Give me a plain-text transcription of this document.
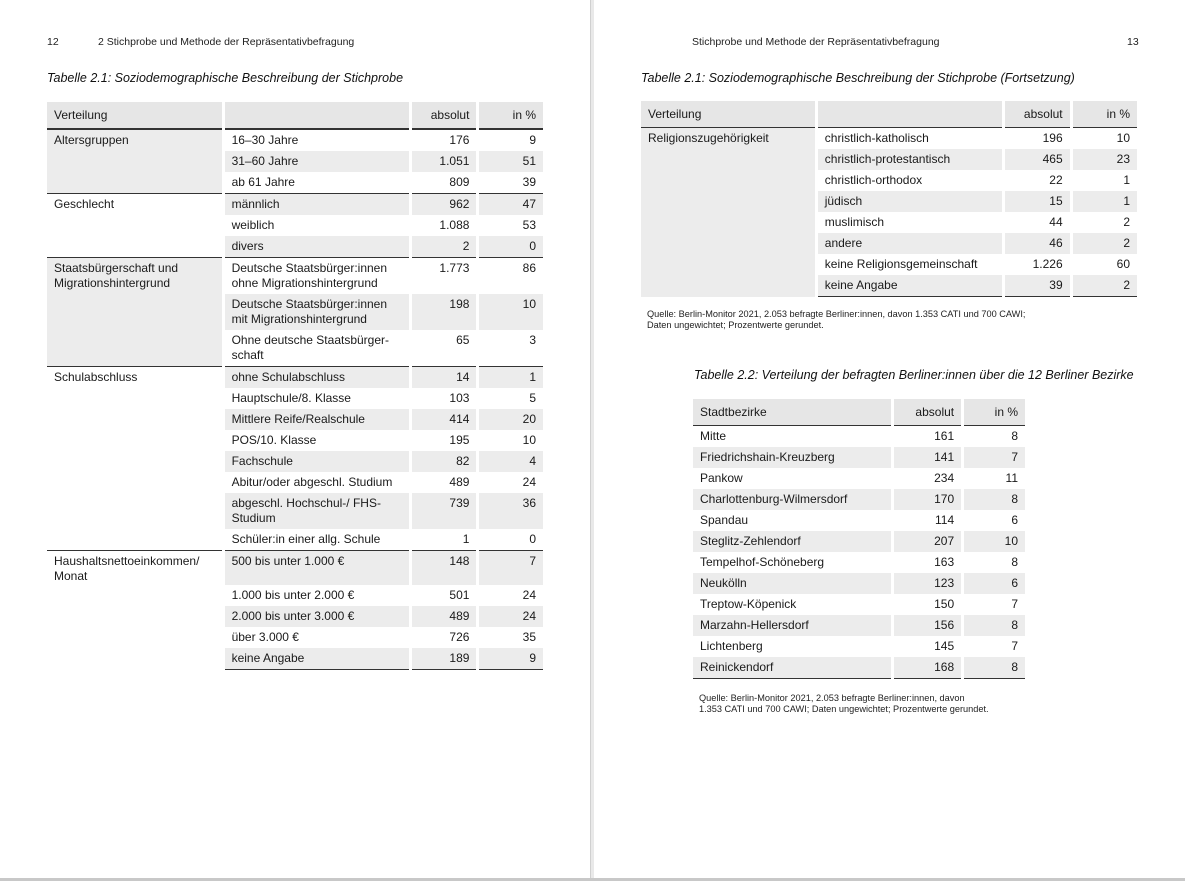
12	2 Stichprobe und Methode der Repräsentativbefragung
Tabelle 2.1: Soziodemographische Beschreibung der Stichprobe
Verteilung		absolut	in %
Altersgruppen	16–30 Jahre	176	9
	31–60 Jahre	1.051	51
	ab 61 Jahre	809	39
Geschlecht	männlich	962	47
	weiblich	1.088	53
	divers	2	0
Staatsbürgerschaft und Migrationshintergrund	Deutsche Staatsbürger:innen ohne Migrationshintergrund	1.773	86
	Deutsche Staatsbürger:innen mit Migrationshintergrund	198	10
	Ohne deutsche Staatsbürger-schaft	65	3
Schulabschluss	ohne Schulabschluss	14	1
	Hauptschule/8. Klasse	103	5
	Mittlere Reife/Realschule	414	20
	POS/10. Klasse	195	10
	Fachschule	82	4
	Abitur/oder abgeschl. Studium	489	24
	abgeschl. Hochschul-/ FHS-Studium	739	36
	Schüler:in einer allg. Schule	1	0
Haushaltsnettoeinkommen/ Monat	500 bis unter 1.000 €	148	7
	1.000 bis unter 2.000 €	501	24
	2.000 bis unter 3.000 €	489	24
	über 3.000 €	726	35
	keine Angabe	189	9
Stichprobe und Methode der Repräsentativbefragung	13
Tabelle 2.1: Soziodemographische Beschreibung der Stichprobe (Fortsetzung)
Verteilung		absolut	in %
Religionszugehörigkeit	christlich-katholisch	196	10
	christlich-protestantisch	465	23
	christlich-orthodox	22	1
	jüdisch	15	1
	muslimisch	44	2
	andere	46	2
	keine Religionsgemeinschaft	1.226	60
	keine Angabe	39	2
Quelle: Berlin-Monitor 2021, 2.053 befragte Berliner:innen, davon 1.353 CATI und 700 CAWI;
Daten ungewichtet; Prozentwerte gerundet.
Tabelle 2.2: Verteilung der befragten Berliner:innen über die 12 Berliner Bezirke
Stadtbezirke	absolut	in %
Mitte	161	8
Friedrichshain-Kreuzberg	141	7
Pankow	234	11
Charlottenburg-Wilmersdorf	170	8
Spandau	114	6
Steglitz-Zehlendorf	207	10
Tempelhof-Schöneberg	163	8
Neukölln	123	6
Treptow-Köpenick	150	7
Marzahn-Hellersdorf	156	8
Lichtenberg	145	7
Reinickendorf	168	8
Quelle: Berlin-Monitor 2021, 2.053 befragte Berliner:innen, davon
1.353 CATI und 700 CAWI; Daten ungewichtet; Prozentwerte gerundet.
